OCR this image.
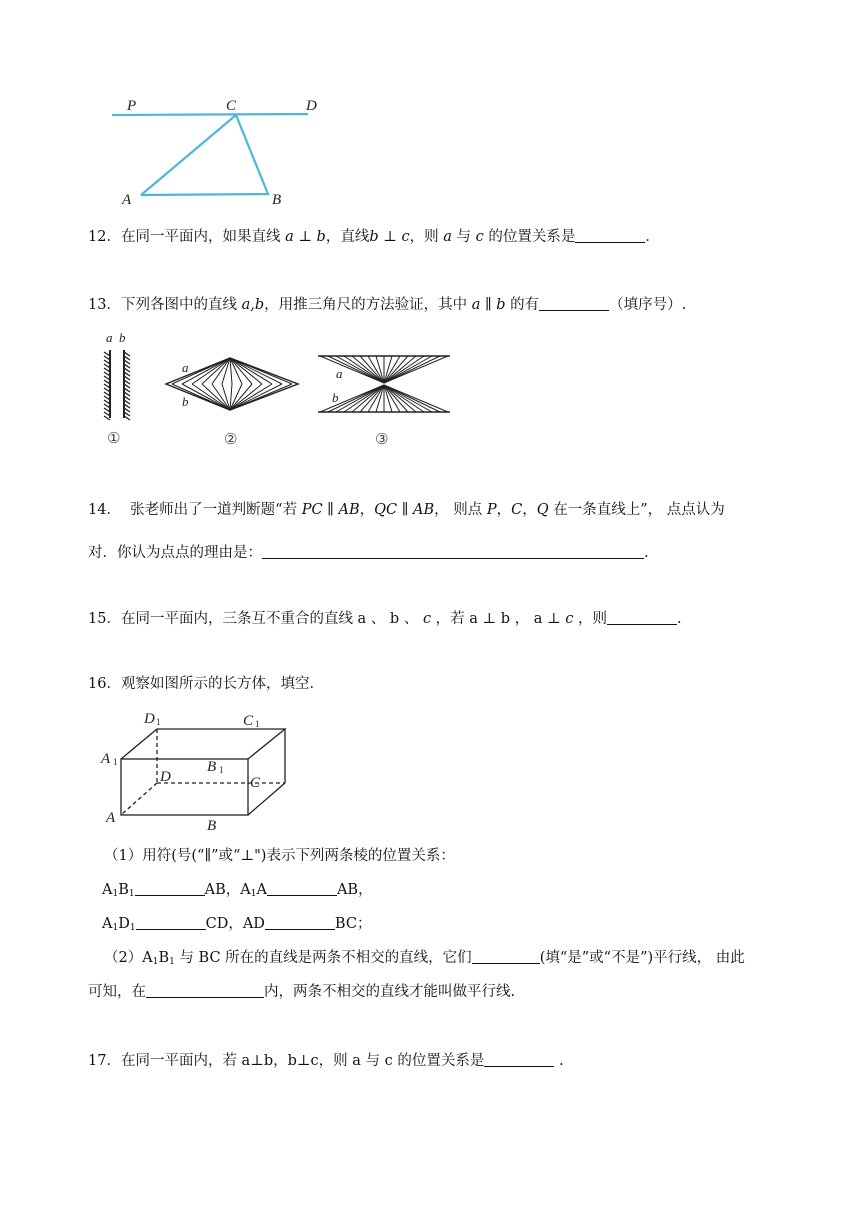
P	C	D
A	B
12．在同一平面内，如果直线 a ⊥ b，直线b ⊥ c，则 a 与 c 的位置关系是	．
13．下列各图中的直线 a,b，用推三角尺的方法验证，其中 a ∥ b 的有	（填序号）.
a b
a
b
a
b
①	②	③
14． 张老师出了一道判断题“若 PC ∥ AB，QC ∥ AB， 则点 P，C，Q 在一条直线上”， 点点认为
对．你认为点点的理由是：	.
15．在同一平面内，三条互不重合的直线 a 、 b 、 c ，若 a ⊥ b ， a ⊥ c ，则	.
16．观察如图所示的长方体，填空．
D 1	C 1
A 1
D
B 1
C
A	B
（1）用符(号(“∥”或“⊥")表示下列两条棱的位置关系：
$A_1B_1$	AB，$A_1A$	AB，
$A_1D_1$	CD，AD	BC；
$(2)A_1B_1$ 与 BC 所在的直线是两条不相交的直线，它们	(填“是”或“不是”)平行线， 由此
可知，在	内，两条不相交的直线才能叫做平行线.
17．在同一平面内，若 a⊥b，b⊥c，则 a 与 c 的位置关系是	.
